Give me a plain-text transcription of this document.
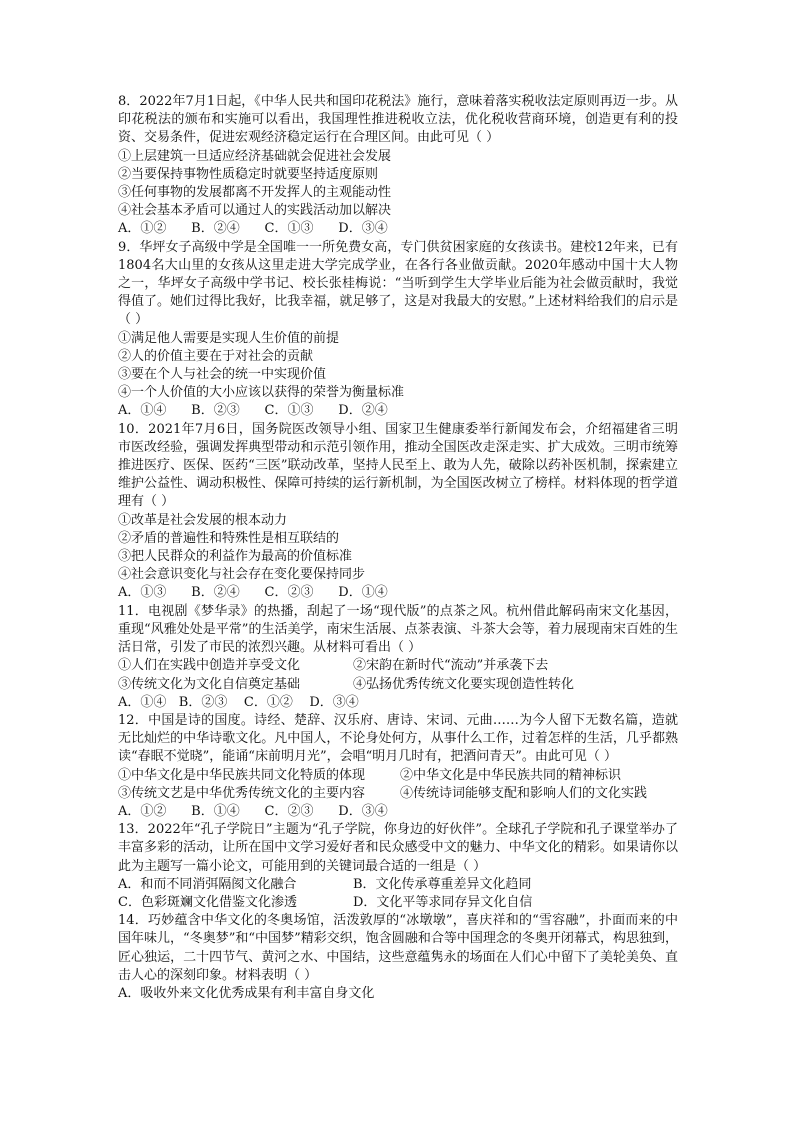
8．2022年7月1日起，《中华人民共和国印花税法》施行，意味着落实税收法定原则再迈一步。从印花税法的颁布和实施可以看出，我国理性推进税收立法，优化税收营商环境，创造更有利的投资、交易条件，促进宏观经济稳定运行在合理区间。由此可见（ ）

①上层建筑一旦适应经济基础就会促进社会发展

②当要保持事物性质稳定时就要坚持适度原则

③任何事物的发展都离不开发挥人的主观能动性

④社会基本矛盾可以通过人的实践活动加以解决

A．①②      B．②④      C．①③      D．③④

9．华坪女子高级中学是全国唯一一所免费女高，专门供贫困家庭的女孩读书。建校12年来，已有1804名大山里的女孩从这里走进大学完成学业，在各行各业做贡献。2020年感动中国十大人物之一，华坪女子高级中学书记、校长张桂梅说：“当听到学生大学毕业后能为社会做贡献时，我觉得值了。她们过得比我好，比我幸福，就足够了，这是对我最大的安慰。”上述材料给我们的启示是（ ）

①满足他人需要是实现人生价值的前提

②人的价值主要在于对社会的贡献

③要在个人与社会的统一中实现价值

④一个人价值的大小应该以获得的荣誉为衡量标准

A．①④      B．②③      C．①③      D．②④

10．2021年7月6日，国务院医改领导小组、国家卫生健康委举行新闻发布会，介绍福建省三明市医改经验，强调发挥典型带动和示范引领作用，推动全国医改走深走实、扩大成效。三明市统筹推进医疗、医保、医药“三医”联动改革，坚持人民至上、敢为人先，破除以药补医机制，探索建立维护公益性、调动积极性、保障可持续的运行新机制，为全国医改树立了榜样。材料体现的哲学道理有（ ）

①改革是社会发展的根本动力

②矛盾的普遍性和特殊性是相互联结的

③把人民群众的利益作为最高的价值标准

④社会意识变化与社会存在变化要保持同步

A．①③      B．②④      C．②③      D．①④

11．电视剧《梦华录》的热播，刮起了一场“现代版”的点茶之风。杭州借此解码南宋文化基因，重现“风雅处处是平常”的生活美学，南宋生活展、点茶表演、斗茶大会等，着力展现南宋百姓的生活日常，引发了市民的浓烈兴趣。从材料可看出（ ）

①人们在实践中创造并享受文化	②宋韵在新时代“流动”并承袭下去

③传统文化为文化自信奠定基础	④弘扬优秀传统文化要实现创造性转化

A．①④   B．②③    C．①②    D．③④

12．中国是诗的国度。诗经、楚辞、汉乐府、唐诗、宋词、元曲……为今人留下无数名篇，造就无比灿烂的中华诗歌文化。凡中国人，不论身处何方，从事什么工作，过着怎样的生活，几乎都熟读“春眠不觉晓”，能诵“床前明月光”，会唱“明月几时有，把酒问青天”。由此可见（ ）

①中华文化是中华民族共同文化特质的体现	②中华文化是中华民族共同的精神标识

③传统文艺是中华优秀传统文化的主要内容	④传统诗词能够支配和影响人们的文化实践

A．①②      B．①④      C．②③      D．③④

13．2022年“孔子学院日”主题为“孔子学院，你身边的好伙伴”。全球孔子学院和孔子课堂举办了丰富多彩的活动，让所在国中文学习爱好者和民众感受中文的魅力、中华文化的精彩。如果请你以此为主题写一篇小论文，可能用到的关键词最合适的一组是（ ）

A．和而不同消弭隔阂文化融合	B．文化传承尊重差异文化趋同

C．色彩斑斓文化借鉴文化渗透	D．文化平等求同存异文化自信

14．巧妙蕴含中华文化的冬奥场馆，活泼敦厚的“冰墩墩”，喜庆祥和的“雪容融”，扑面而来的中国年味儿，“冬奥梦”和“中国梦”精彩交织，饱含圆融和合等中国理念的冬奥开闭幕式，构思独到，匠心独运，二十四节气、黄河之水、中国结，这些意蕴隽永的场面在人们心中留下了美轮美奂、直击人心的深刻印象。材料表明（ ）

A．吸收外来文化优秀成果有利丰富自身文化
